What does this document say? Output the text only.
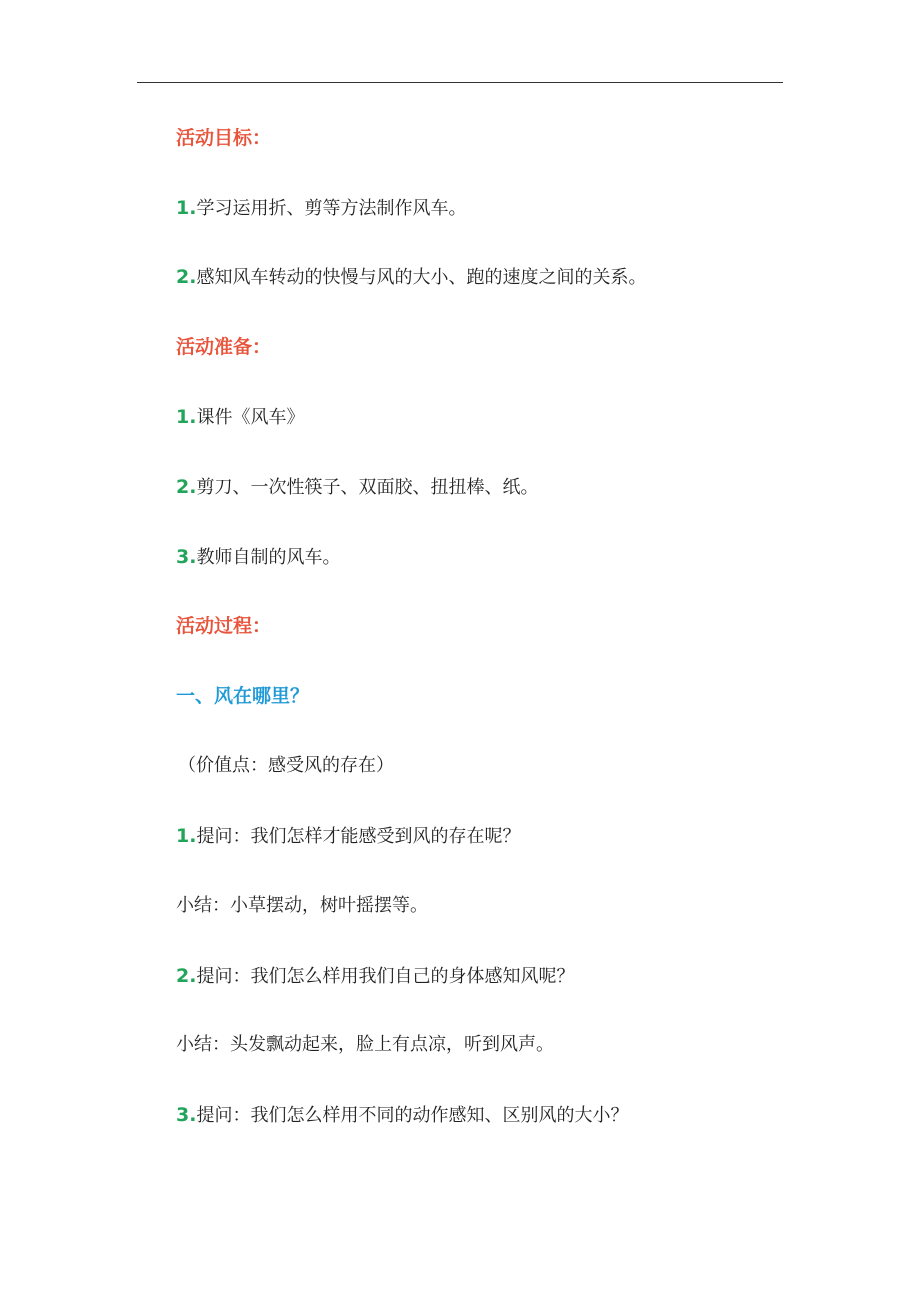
活动目标：
1.学习运用折、剪等方法制作风车。
2.感知风车转动的快慢与风的大小、跑的速度之间的关系。
活动准备：
1.课件《风车》
2.剪刀、一次性筷子、双面胶、扭扭棒、纸。
3.教师自制的风车。
活动过程：
一、风在哪里？
（价值点：感受风的存在）
1.提问：我们怎样才能感受到风的存在呢？
小结：小草摆动，树叶摇摆等。
2.提问：我们怎么样用我们自己的身体感知风呢？
小结：头发飘动起来，脸上有点凉，听到风声。
3.提问：我们怎么样用不同的动作感知、区别风的大小？
